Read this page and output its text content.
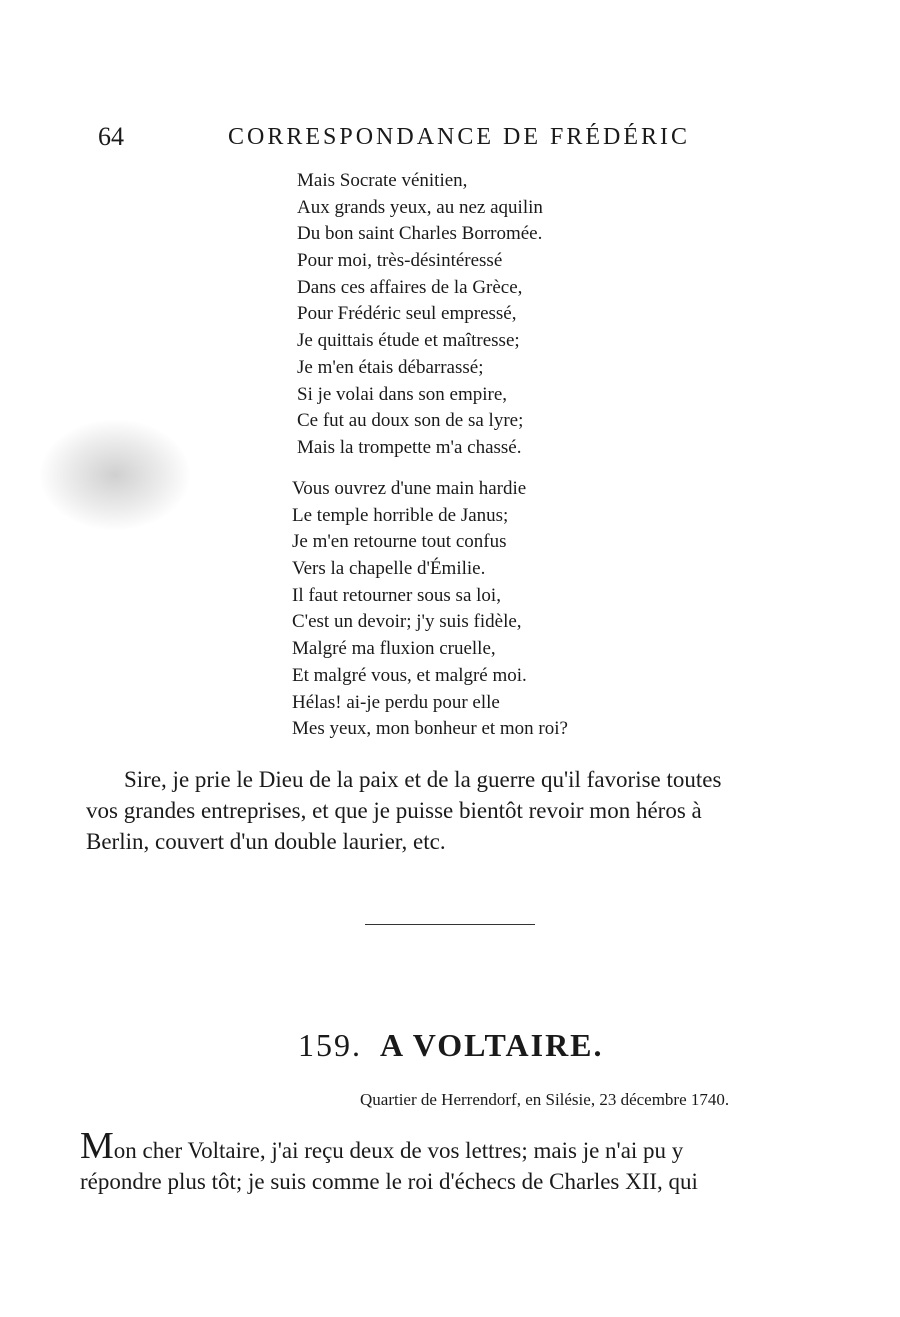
64	CORRESPONDANCE DE FRÉDÉRIC
Mais Socrate vénitien,
Aux grands yeux, au nez aquilin
Du bon saint Charles Borromée.
Pour moi, très-désintéressé
Dans ces affaires de la Grèce,
Pour Frédéric seul empressé,
Je quittais étude et maîtresse;
Je m'en étais débarrassé;
Si je volai dans son empire,
Ce fut au doux son de sa lyre;
Mais la trompette m'a chassé.
Vous ouvrez d'une main hardie
Le temple horrible de Janus;
Je m'en retourne tout confus
Vers la chapelle d'Émilie.
Il faut retourner sous sa loi,
C'est un devoir; j'y suis fidèle,
Malgré ma fluxion cruelle,
Et malgré vous, et malgré moi.
Hélas! ai-je perdu pour elle
Mes yeux, mon bonheur et mon roi?
Sire, je prie le Dieu de la paix et de la guerre qu'il favorise toutes
vos grandes entreprises, et que je puisse bientôt revoir mon héros à
Berlin, couvert d'un double laurier, etc.
159. A VOLTAIRE.
Quartier de Herrendorf, en Silésie, 23 décembre 1740.
Mon cher Voltaire, j'ai reçu deux de vos lettres; mais je n'ai pu y
répondre plus tôt; je suis comme le roi d'échecs de Charles XII, qui
